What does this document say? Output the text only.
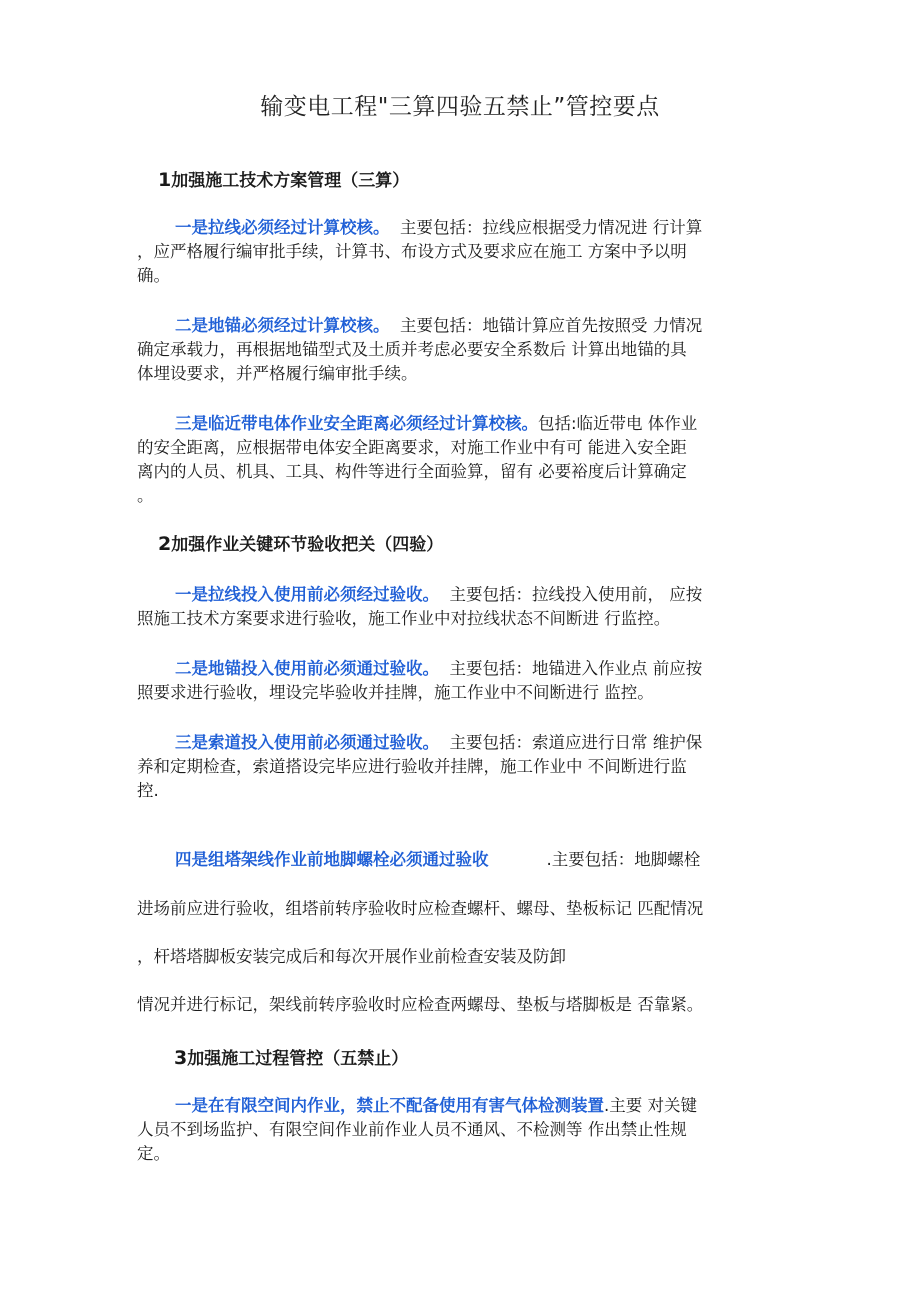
输变电工程"三算四验五禁止”管控要点
1加强施工技术方案管理（三算）
一是拉线必须经过计算校核。 主要包括：拉线应根据受力情况进 行计算
，应严格履行编审批手续，计算书、布设方式及要求应在施工 方案中予以明
确。
二是地锚必须经过计算校核。 主要包括：地锚计算应首先按照受 力情况
确定承载力，再根据地锚型式及土质并考虑必要安全系数后 计算出地锚的具
体埋设要求，并严格履行编审批手续。
三是临近带电体作业安全距离必须经过计算校核。包括:临近带电 体作业
的安全距离，应根据带电体安全距离要求，对施工作业中有可 能进入安全距
离内的人员、机具、工具、构件等进行全面验算，留有 必要裕度后计算确定
。
2加强作业关键环节验收把关（四验）
一是拉线投入使用前必须经过验收。 主要包括：拉线投入使用前， 应按
照施工技术方案要求进行验收，施工作业中对拉线状态不间断进 行监控。
二是地锚投入使用前必须通过验收。 主要包括：地锚进入作业点 前应按
照要求进行验收，埋设完毕验收并挂牌，施工作业中不间断进行 监控。
三是索道投入使用前必须通过验收。 主要包括：索道应进行日常 维护保
养和定期检查，索道搭设完毕应进行验收并挂牌，施工作业中 不间断进行监
控.
四是组塔架线作业前地脚螺栓必须通过验收	.主要包括：地脚螺栓
进场前应进行验收，组塔前转序验收时应检查螺杆、螺母、垫板标记 匹配情况
，杆塔塔脚板安装完成后和每次开展作业前检查安装及防卸
情况并进行标记，架线前转序验收时应检查两螺母、垫板与塔脚板是 否靠紧。
3加强施工过程管控（五禁止）
一是在有限空间内作业，禁止不配备使用有害气体检测装置.主要 对关键
人员不到场监护、有限空间作业前作业人员不通风、不检测等 作出禁止性规
定。
